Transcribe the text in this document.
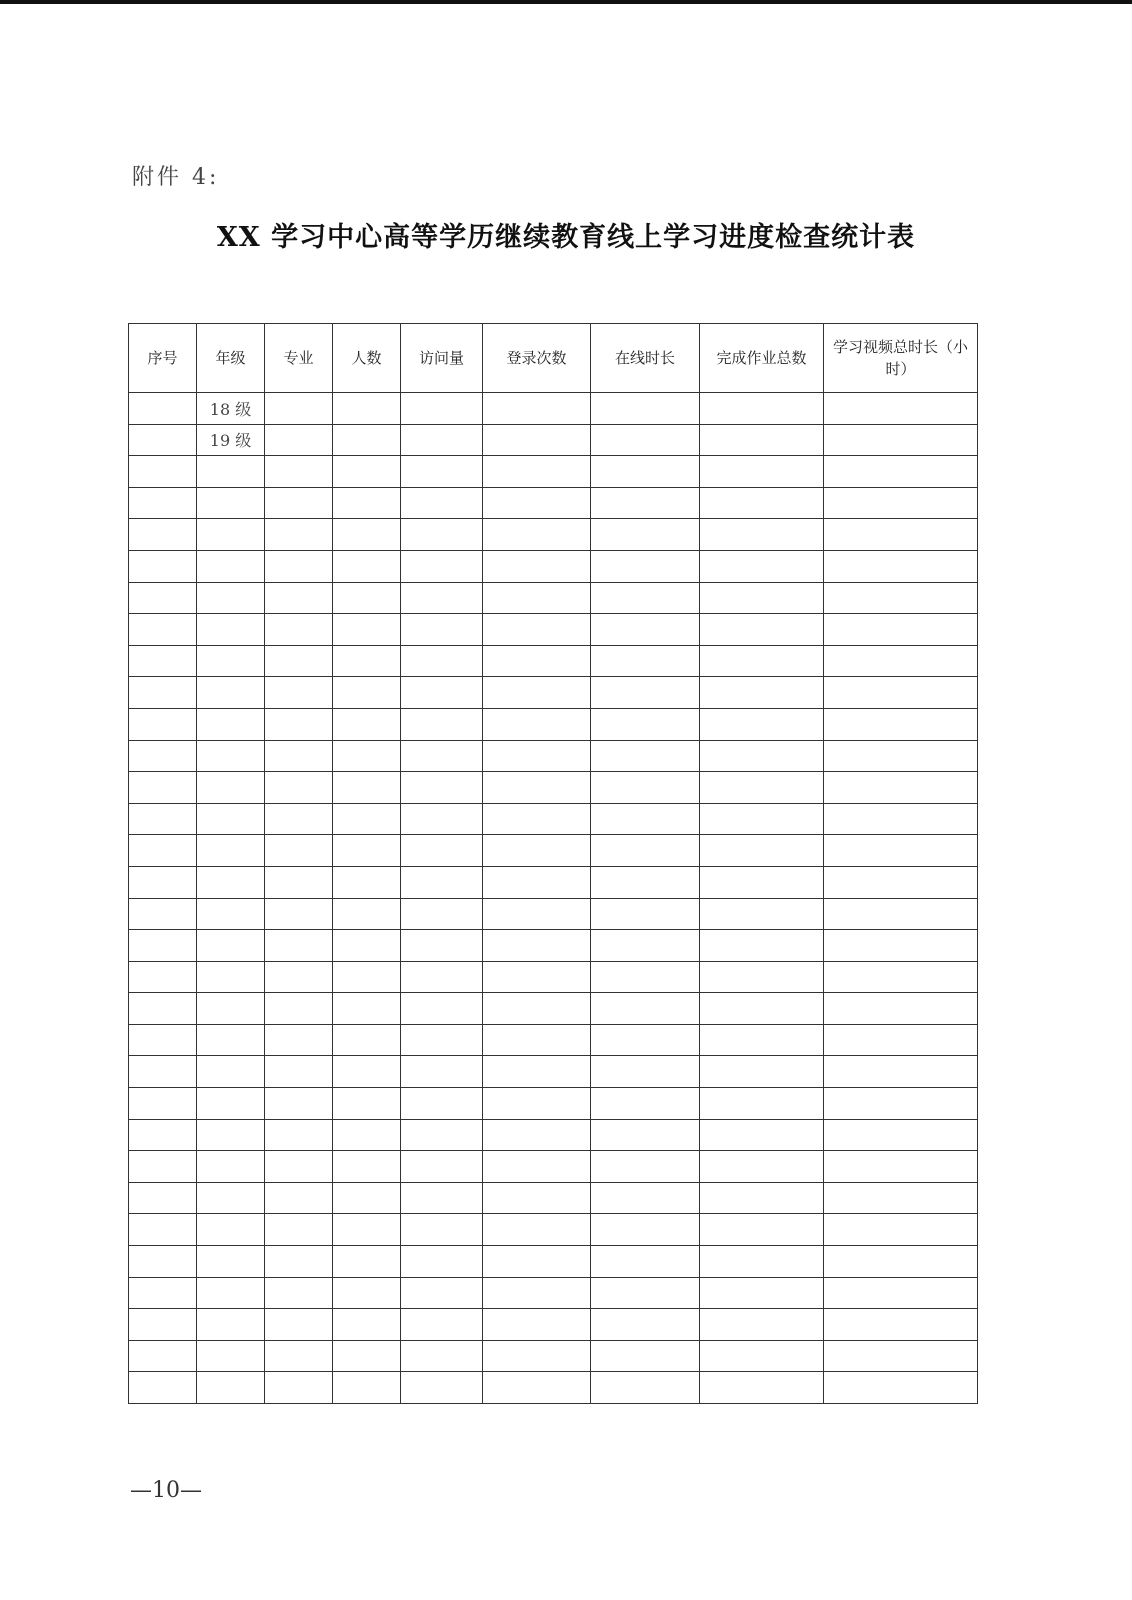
附件 4:
XX 学习中心高等学历继续教育线上学习进度检查统计表
序号	年级	专业	人数	访问量	登录次数	在线时长	完成作业总数	学习视频总时长（小时）
	18 级							
	19 级							

—10—
